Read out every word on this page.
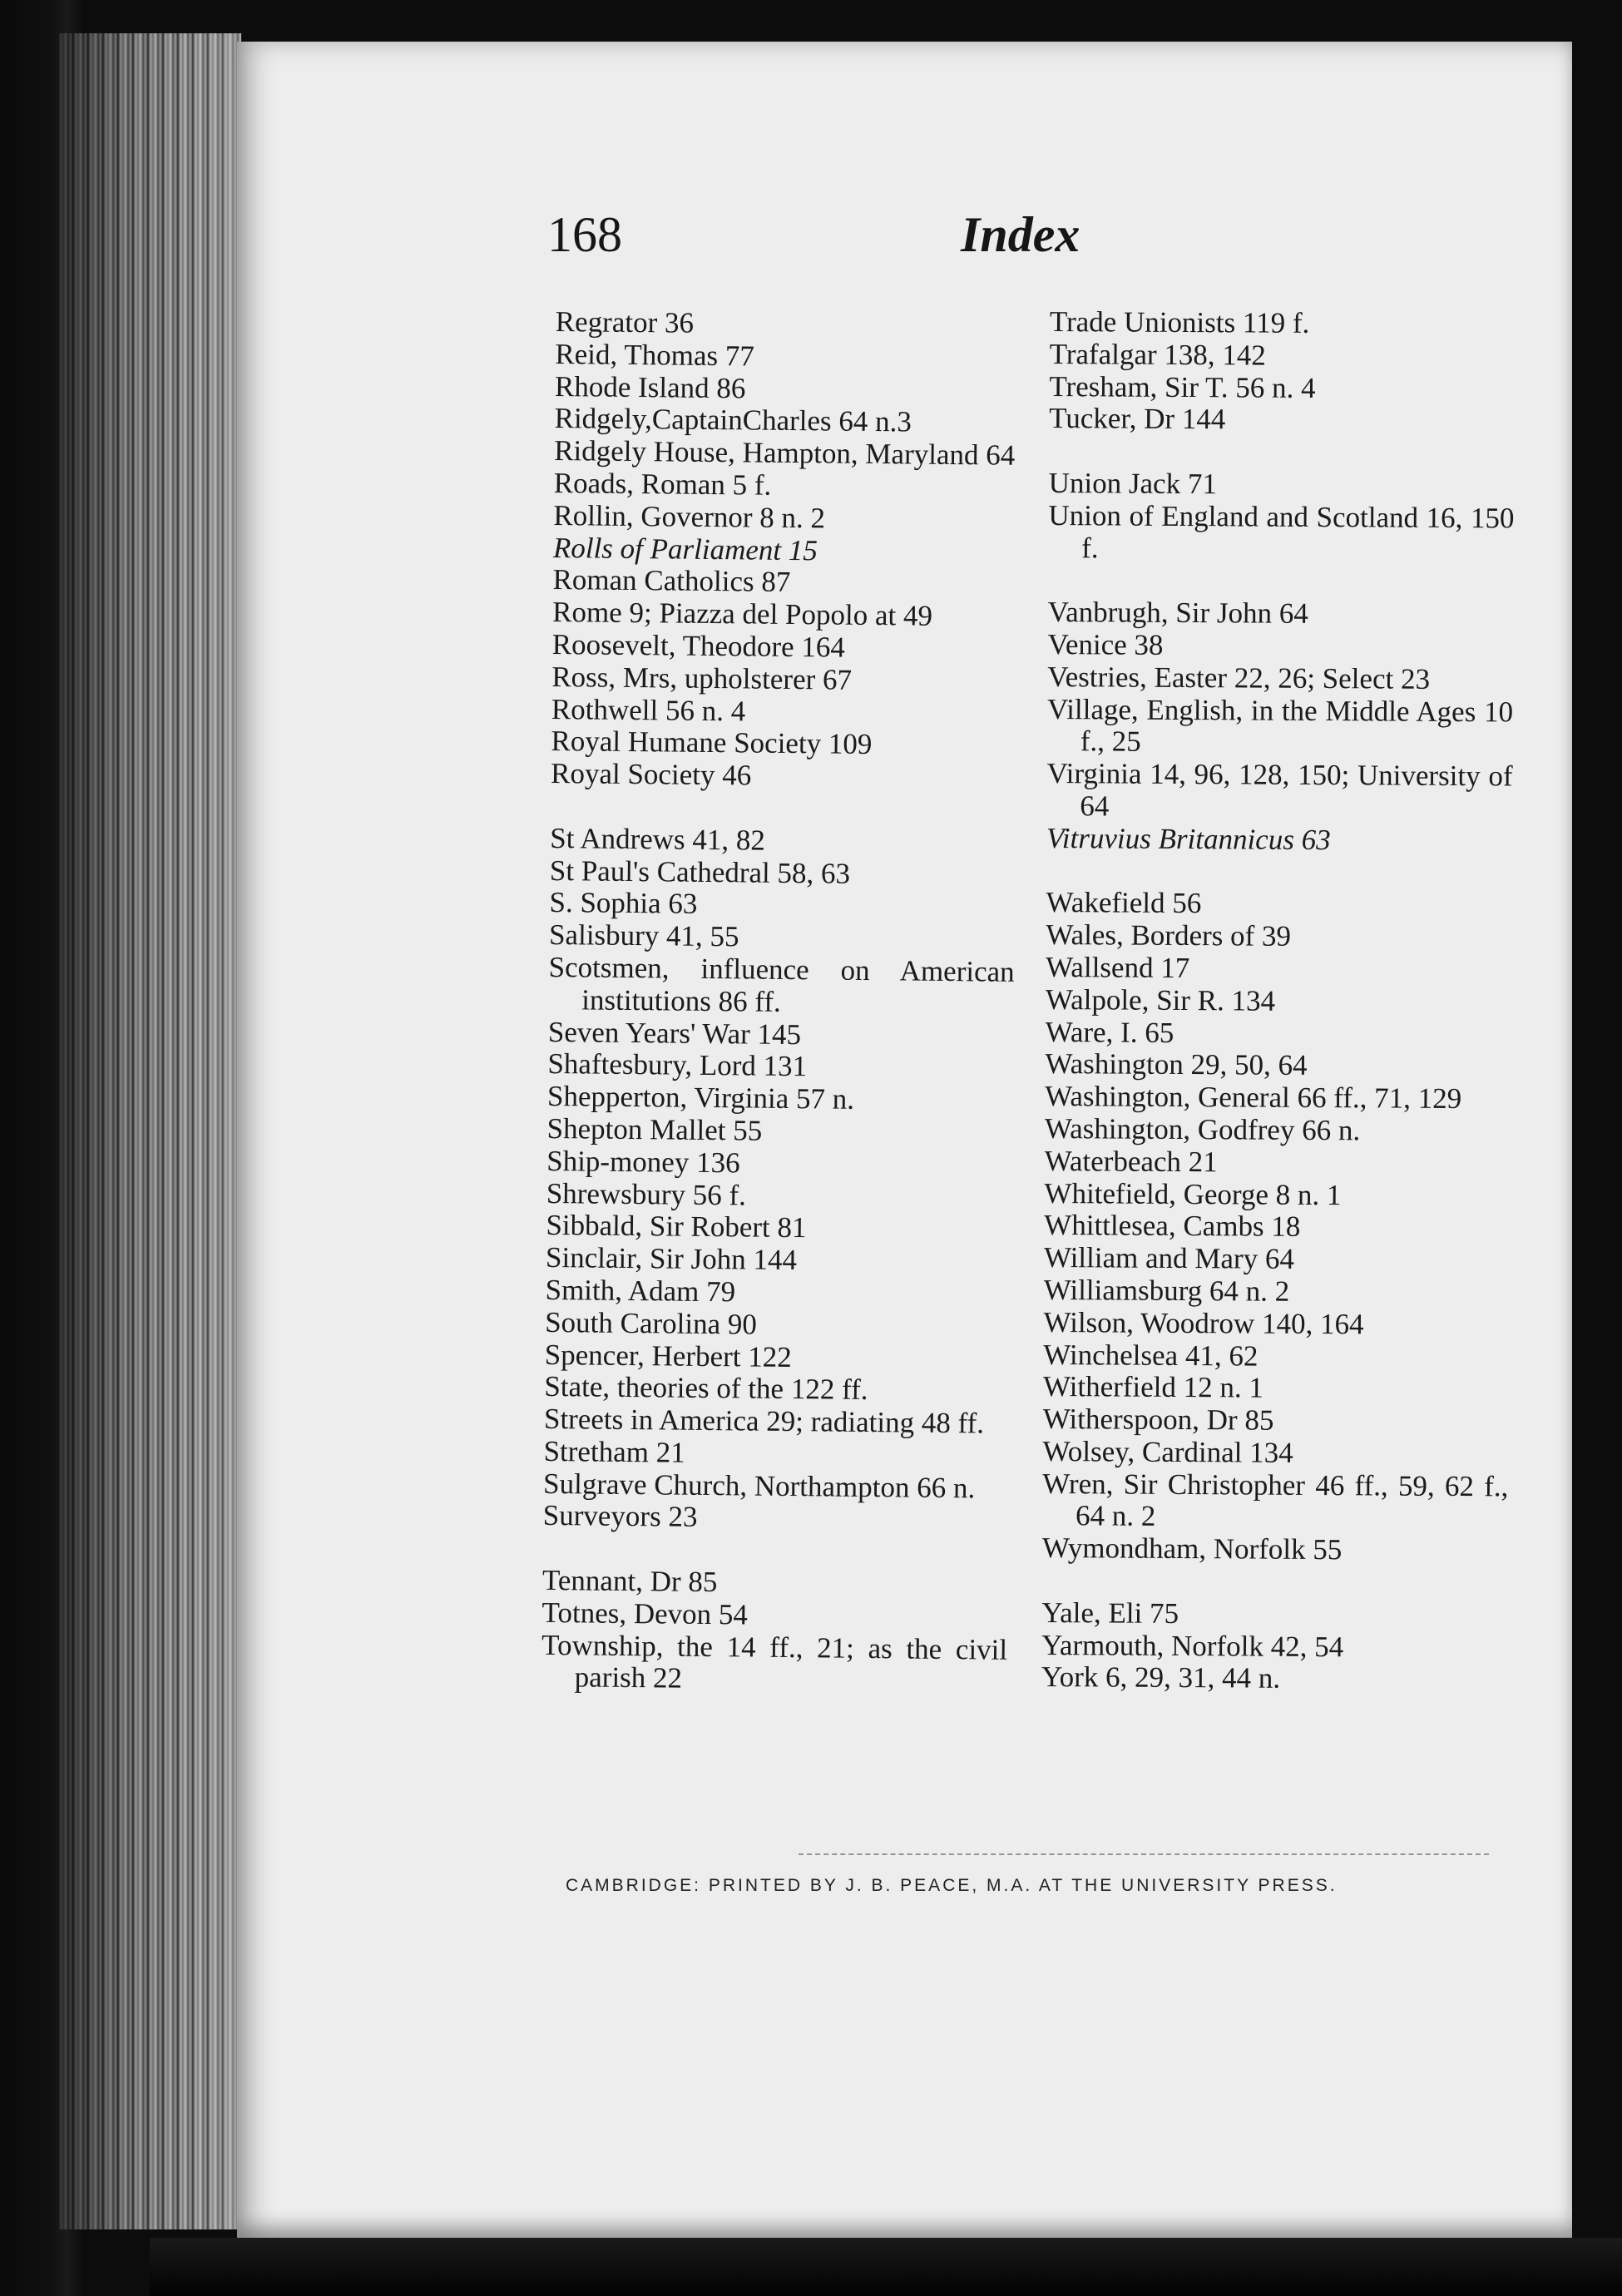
168	Index

Regrator 36

Reid, Thomas 77

Rhode Island 86

Ridgely,CaptainCharles 64 n.3

Ridgely House, Hampton, Maryland 64

Roads, Roman 5 f.

Rollin, Governor 8 n. 2

Rolls of Parliament 15

Roman Catholics 87

Rome 9; Piazza del Popolo at 49

Roosevelt, Theodore 164

Ross, Mrs, upholsterer 67

Rothwell 56 n. 4

Royal Humane Society 109

Royal Society 46

St Andrews 41, 82

St Paul's Cathedral 58, 63

S. Sophia 63

Salisbury 41, 55

Scotsmen, influence on American institutions 86 ff.

Seven Years' War 145

Shaftesbury, Lord 131

Shepperton, Virginia 57 n.

Shepton Mallet 55

Ship-money 136

Shrewsbury 56 f.

Sibbald, Sir Robert 81

Sinclair, Sir John 144

Smith, Adam 79

South Carolina 90

Spencer, Herbert 122

State, theories of the 122 ff.

Streets in America 29; radiating 48 ff.

Stretham 21

Sulgrave Church, Northampton 66 n.

Surveyors 23

Tennant, Dr 85

Totnes, Devon 54

Township, the 14 ff., 21; as the civil parish 22

Trade Unionists 119 f.

Trafalgar 138, 142

Tresham, Sir T. 56 n. 4

Tucker, Dr 144

Union Jack 71

Union of England and Scotland 16, 150 f.

Vanbrugh, Sir John 64

Venice 38

Vestries, Easter 22, 26; Select 23

Village, English, in the Middle Ages 10 f., 25

Virginia 14, 96, 128, 150; University of 64

Vitruvius Britannicus 63

Wakefield 56

Wales, Borders of 39

Wallsend 17

Walpole, Sir R. 134

Ware, I. 65

Washington 29, 50, 64

Washington, General 66 ff., 71, 129

Washington, Godfrey 66 n.

Waterbeach 21

Whitefield, George 8 n. 1

Whittlesea, Cambs 18

William and Mary 64

Williamsburg 64 n. 2

Wilson, Woodrow 140, 164

Winchelsea 41, 62

Witherfield 12 n. 1

Witherspoon, Dr 85

Wolsey, Cardinal 134

Wren, Sir Christopher 46 ff., 59, 62 f., 64 n. 2

Wymondham, Norfolk 55

Yale, Eli 75

Yarmouth, Norfolk 42, 54

York 6, 29, 31, 44 n.

CAMBRIDGE: PRINTED BY J. B. PEACE, M.A. AT THE UNIVERSITY PRESS.
